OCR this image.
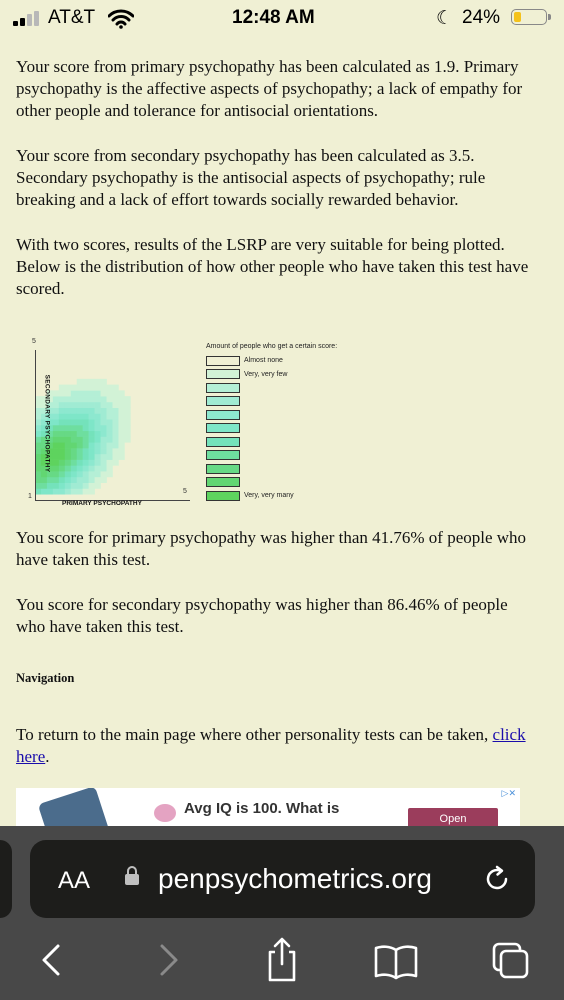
AT&T	12:48 AM	☾ 24%

Your score from primary psychopathy has been calculated as 1.9. Primary psychopathy is the affective aspects of psychopathy; a lack of empathy for other people and tolerance for antisocial orientations.

Your score from secondary psychopathy has been calculated as 3.5. Secondary psychopathy is the antisocial aspects of psychopathy; rule breaking and a lack of effort towards socially rewarded behavior.

With two scores, results of the LSRP are very suitable for being plotted. Below is the distribution of how other people who have taken this test have scored.

5
1
5
SECONDARY PSYCHOPATHY
PRIMARY PSYCHOPATHY
Amount of people who get a certain score:
Almost none
Very, very few
Very, very many

You score for primary psychopathy was higher than 41.76% of people who have taken this test.

You score for secondary psychopathy was higher than 86.46% of people who have taken this test.

Navigation
To return to the main page where other personality tests can be taken, click here.
Avg IQ is 100. What is
Open
▷✕
AA penpsychometrics.org
